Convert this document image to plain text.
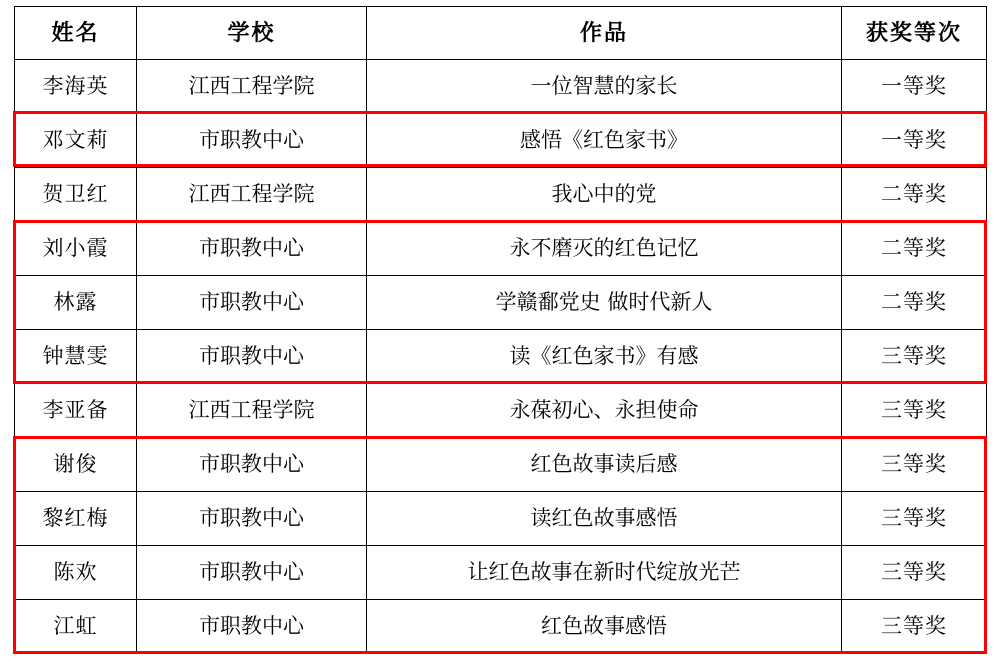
姓名	学校	作品	获奖等次
李海英	江西工程学院	一位智慧的家长	一等奖
邓文莉	市职教中心	感悟《红色家书》	一等奖
贺卫红	江西工程学院	我心中的党	二等奖
刘小霞	市职教中心	永不磨灭的红色记忆	二等奖
林露	市职教中心	学赣鄱党史 做时代新人	二等奖
钟慧雯	市职教中心	读《红色家书》有感	三等奖
李亚备	江西工程学院	永葆初心、永担使命	三等奖
谢俊	市职教中心	红色故事读后感	三等奖
黎红梅	市职教中心	读红色故事感悟	三等奖
陈欢	市职教中心	让红色故事在新时代绽放光芒	三等奖
江虹	市职教中心	红色故事感悟	三等奖
